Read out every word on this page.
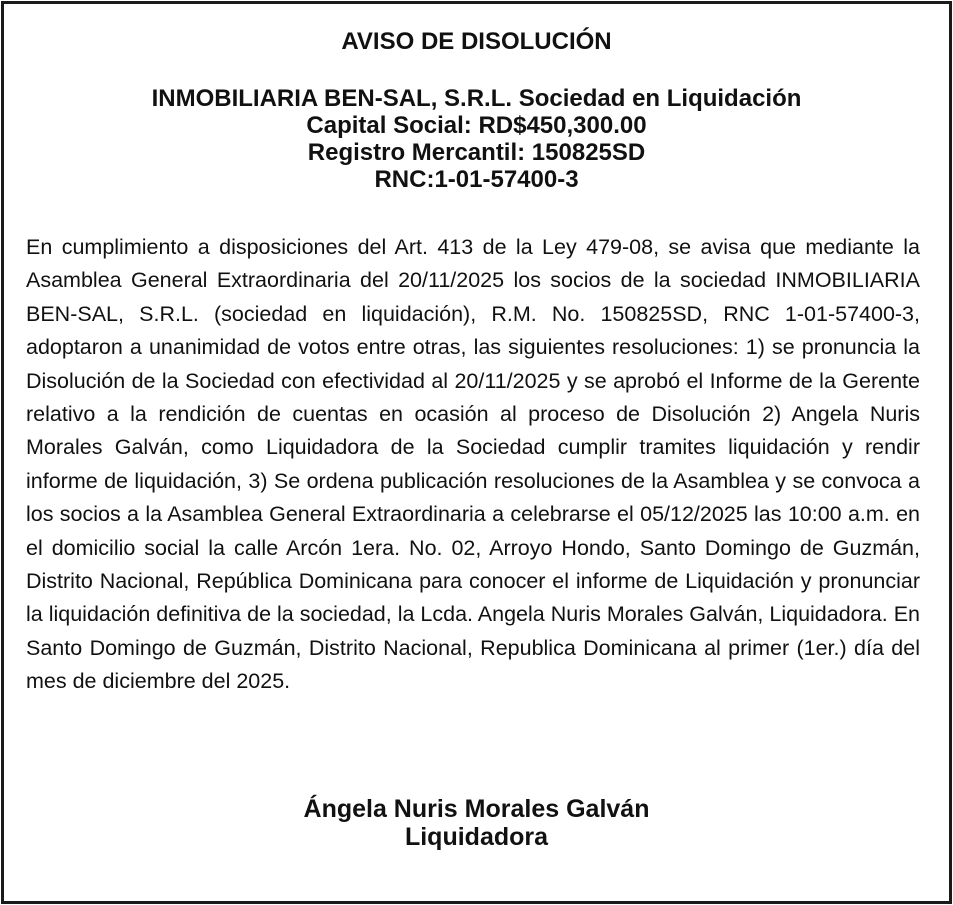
AVISO DE DISOLUCIÓN
INMOBILIARIA BEN-SAL, S.R.L. Sociedad en Liquidación
Capital Social: RD$450,300.00
Registro Mercantil: 150825SD
RNC:1-01-57400-3

En cumplimiento a disposiciones del Art. 413 de la Ley 479-08, se avisa que mediante la Asamblea General Extraordinaria del 20/11/2025 los socios de la sociedad INMOBILIARIA BEN-SAL, S.R.L. (sociedad en liquidación), R.M. No. 150825SD, RNC 1-01-57400-3, adoptaron a unanimidad de votos entre otras, las siguientes resoluciones: 1) se pronuncia la Disolución de la Sociedad con efectividad al 20/11/2025 y se aprobó el Informe de la Gerente relativo a la rendición de cuentas en ocasión al proceso de Disolución 2) Angela Nuris Morales Galván, como Liquidadora de la Sociedad cumplir tramites liquidación y rendir informe de liquidación, 3) Se ordena publicación resoluciones de la Asamblea y se convoca a los socios a la Asamblea General Extraordinaria a celebrarse el 05/12/2025 las 10:00 a.m. en el domicilio social la calle Arcón 1era. No. 02, Arroyo Hondo, Santo Domingo de Guzmán, Distrito Nacional, República Dominicana para conocer el informe de Liquidación y pronunciar la liquidación definitiva de la sociedad, la Lcda. Angela Nuris Morales Galván, Liquidadora. En Santo Domingo de Guzmán, Distrito Nacional, Republica Dominicana al primer (1er.) día del mes de diciembre del 2025.

Ángela Nuris Morales Galván
Liquidadora
